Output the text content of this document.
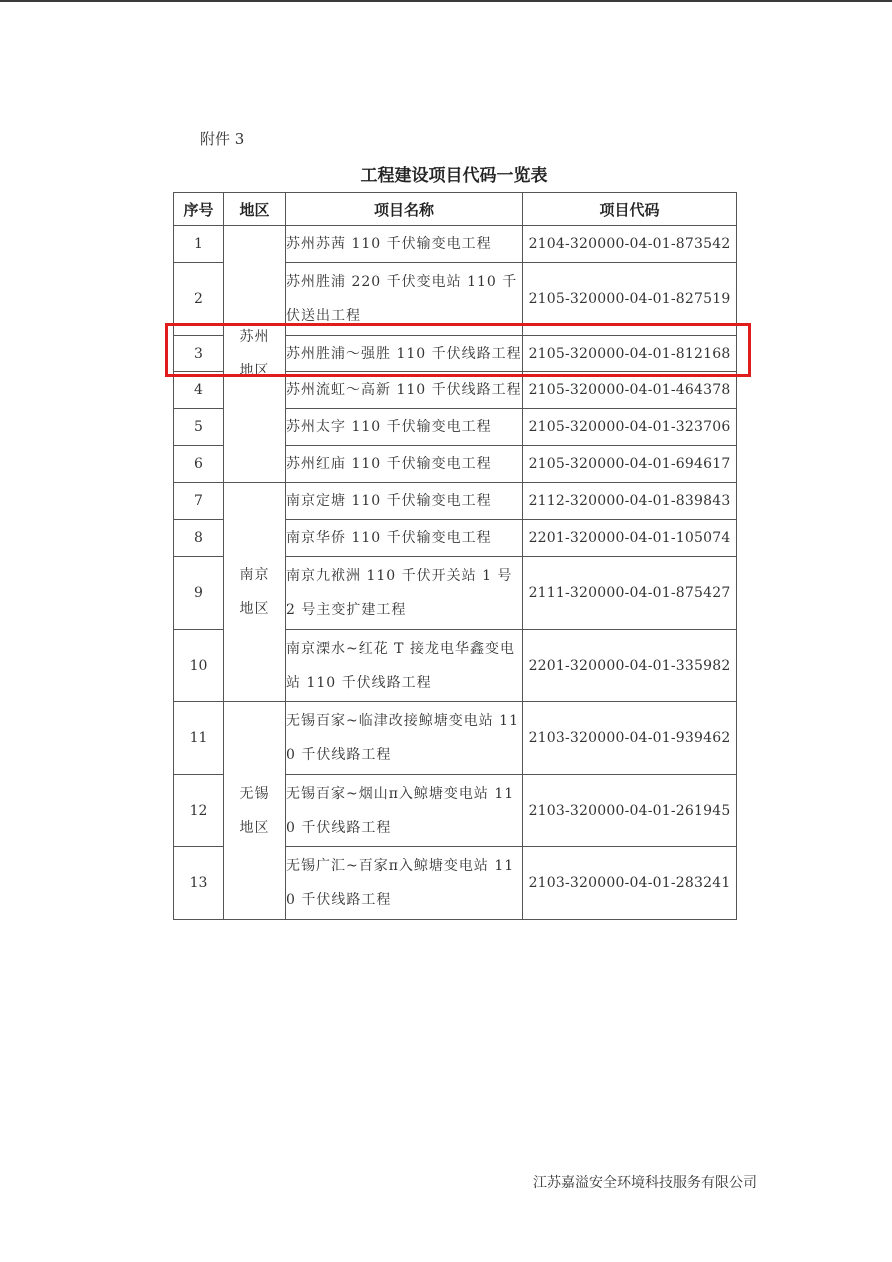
附件 3
工程建设项目代码一览表
序号	地区	项目名称	项目代码
1	苏州地区	苏州苏茜 110 千伏输变电工程	2104-320000-04-01-873542
2		苏州胜浦 220 千伏变电站 110 千伏送出工程	2105-320000-04-01-827519
3		苏州胜浦～强胜 110 千伏线路工程	2105-320000-04-01-812168
4		苏州流虹～高新 110 千伏线路工程	2105-320000-04-01-464378
5		苏州太字 110 千伏输变电工程	2105-320000-04-01-323706
6		苏州红庙 110 千伏输变电工程	2105-320000-04-01-694617
7	南京地区	南京定塘 110 千伏输变电工程	2112-320000-04-01-839843
8		南京华侨 110 千伏输变电工程	2201-320000-04-01-105074
9		南京九袱洲 110 千伏开关站 1 号 2 号主变扩建工程	2111-320000-04-01-875427
10		南京溧水~红花 T 接龙电华鑫变电站 110 千伏线路工程	2201-320000-04-01-335982
11	无锡地区	无锡百家~临津改接鲸塘变电站 110 千伏线路工程	2103-320000-04-01-939462
12		无锡百家~烟山π入鲸塘变电站 110 千伏线路工程	2103-320000-04-01-261945
13		无锡广汇~百家π入鲸塘变电站 110 千伏线路工程	2103-320000-04-01-283241
江苏嘉溢安全环境科技服务有限公司
